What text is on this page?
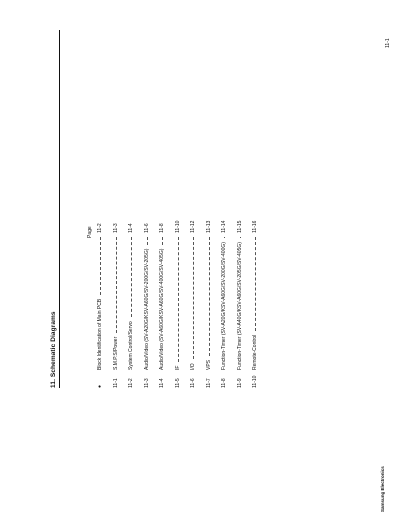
11. Schematic Diagrams
Page
●
Block Identification of Main PCB
11-2
11-1
S.M.P.S/Power
11-3
11-2
System Control/Servo
11-4
11-3
Audio/Video (SV-A20G/KSV-A60G/SV-200G/SV-205G)
11-6
11-4
Audio/Video (SV-A60G/KSV-A60G/SV-400G/SV-405G)
11-8
11-5
IF
11-10
11-6
I/O
11-12
11-7
VPS
11-13
11-8
Function-Timer (SV-A20G/KSV-A60G/SV-200G/SV-400G)
11-14
11-9
Function-Timer (SV-A40G/KSV-A60G/SV-205G/SV-405G)
11-15
11-10
Remote-Control
11-16
Samsung Electronics
11-1
